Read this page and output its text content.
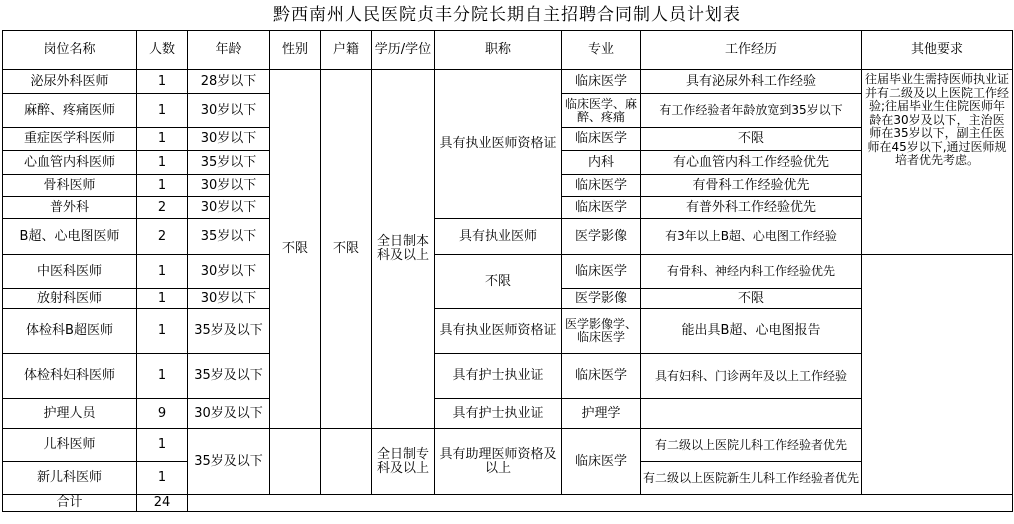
黔西南州人民医院贞丰分院长期自主招聘合同制人员计划表
岗位名称	人数	年龄	性别	户籍	学历/学位	职称	专业	工作经历	其他要求
泌尿外科医师	1	28岁以下	不限	不限	全日制本科及以上	具有执业医师资格证	临床医学	具有泌尿外科工作经验	往届毕业生需持医师执业证并有二级及以上医院工作经验;往届毕业生住院医师年龄在30岁及以下，主治医师在35岁以下，副主任医师在45岁以下,通过医师规培者优先考虑。
麻醉、疼痛医师	1	30岁以下					临床医学、麻醉、疼痛	有工作经验者年龄放宽到35岁以下	
重症医学科医师	1	30岁以下					临床医学	不限	
心血管内科医师	1	35岁以下					内科	有心血管内科工作经验优先	
骨科医师	1	30岁以下					临床医学	有骨科工作经验优先	
普外科	2	30岁以下					临床医学	有普外科工作经验优先	
B超、心电图医师	2	35岁以下				具有执业医师	医学影像	有3年以上B超、心电图工作经验	
中医科医师	1	30岁以下				不限	临床医学	有骨科、神经内科工作经验优先	
放射科医师	1	30岁以下					医学影像	不限	
体检科B超医师	1	35岁及以下				具有执业医师资格证	医学影像学、临床医学	能出具B超、心电图报告	
体检科妇科医师	1	35岁及以下				具有护士执业证	临床医学	具有妇科、门诊两年及以上工作经验	
护理人员	9	30岁及以下				具有护士执业证	护理学		
儿科医师	1	35岁及以下			全日制专科及以上	具有助理医师资格及以上	临床医学	有二级以上医院儿科工作经验者优先	
新儿科医师	1							有二级以上医院新生儿科工作经验者优先	
合计	24								
